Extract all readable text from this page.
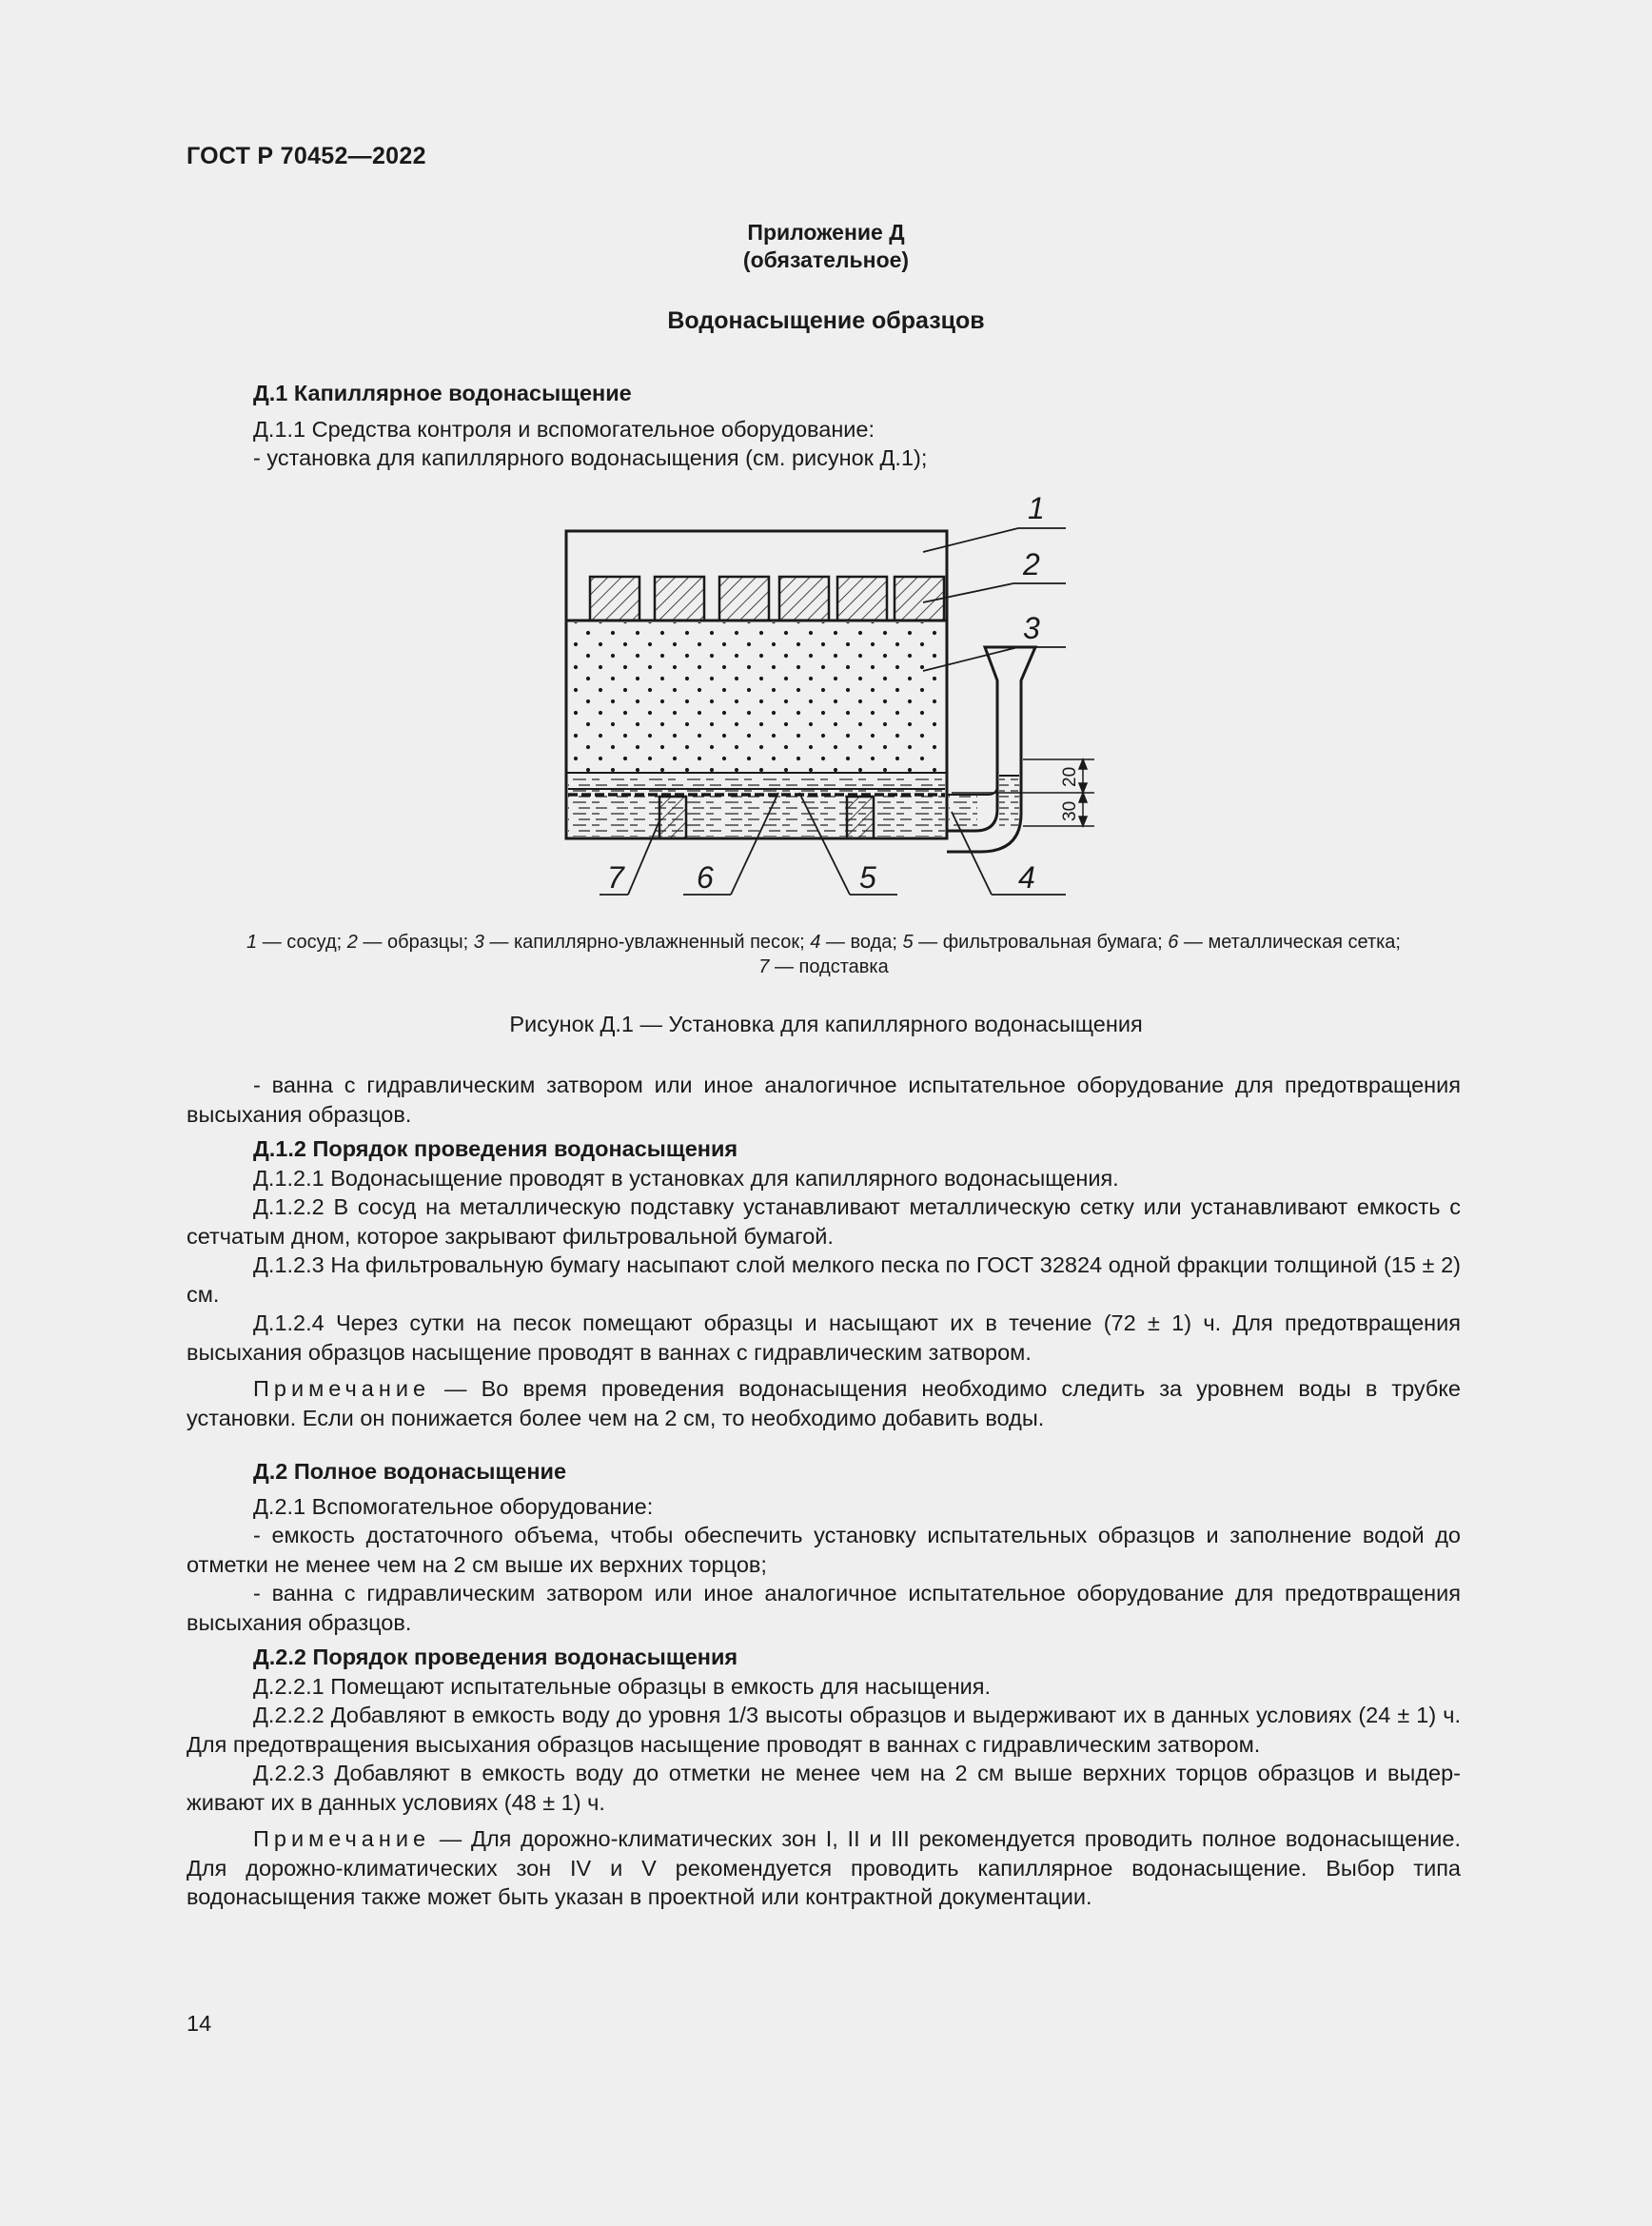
ГОСТ Р 70452—2022
Приложение Д
(обязательное)
Водонасыщение образцов

Д.1 Капиллярное водонасыщение

Д.1.1 Средства контроля и вспомогательное оборудование:

- установка для капиллярного водонасыщения (см. рисунок Д.1);

20
30
1
2
3
4
5
6
7
1 — сосуд; 2 — образцы; 3 — капиллярно-увлажненный песок; 4 — вода; 5 — фильтровальная бумага; 6 — металлическая сетка;
7 — подставка
Рисунок Д.1 — Установка для капиллярного водонасыщения

- ванна с гидравлическим затвором или иное аналогичное испытательное оборудование для предотвращения высыхания образцов.

Д.1.2 Порядок проведения водонасыщения

Д.1.2.1 Водонасыщение проводят в установках для капиллярного водонасыщения.

Д.1.2.2 В сосуд на металлическую подставку устанавливают металлическую сетку или устанавливают емкость с сетчатым дном, которое закрывают фильтровальной бумагой.

Д.1.2.3 На фильтровальную бумагу насыпают слой мелкого песка по ГОСТ 32824 одной фракции толщиной (15 ± 2) см.

Д.1.2.4 Через сутки на песок помещают образцы и насыщают их в течение (72 ± 1) ч. Для предотвращения высыхания образцов насыщение проводят в ваннах с гидравлическим затвором.

Примечание — Во время проведения водонасыщения необходимо следить за уровнем воды в трубке установки. Если он понижается более чем на 2 см, то необходимо добавить воды.

Д.2 Полное водонасыщение

Д.2.1 Вспомогательное оборудование:

- емкость достаточного объема, чтобы обеспечить установку испытательных образцов и заполнение водой до отметки не менее чем на 2 см выше их верхних торцов;

- ванна с гидравлическим затвором или иное аналогичное испытательное оборудование для предотвращения высыхания образцов.

Д.2.2 Порядок проведения водонасыщения

Д.2.2.1 Помещают испытательные образцы в емкость для насыщения.

Д.2.2.2 Добавляют в емкость воду до уровня 1/3 высоты образцов и выдерживают их в данных условиях (24 ± 1) ч. Для предотвращения высыхания образцов насыщение проводят в ваннах с гидравлическим затвором.

Д.2.2.3 Добавляют в емкость воду до отметки не менее чем на 2 см выше верхних торцов образцов и выдерживают их в данных условиях (48 ± 1) ч.

Примечание — Для дорожно-климатических зон I, II и III рекомендуется проводить полное водонасыщение. Для дорожно-климатических зон IV и V рекомендуется проводить капиллярное водонасыщение. Выбор типа водонасыщения также может быть указан в проектной или контрактной документации.

14
